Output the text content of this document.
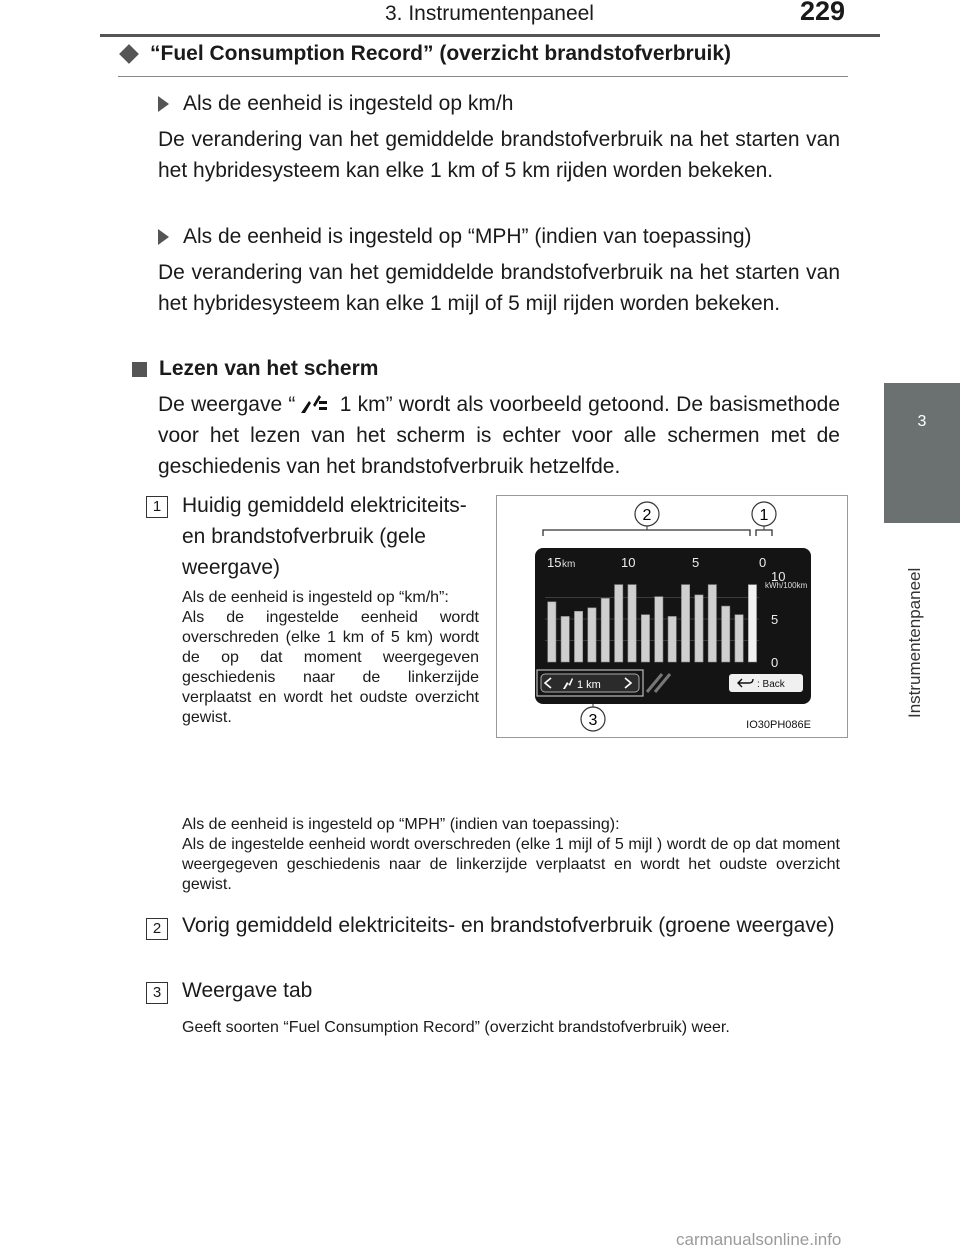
3. Instrumentenpaneel	229
3
Instrumentenpaneel
“Fuel Consumption Record” (overzicht brandstofverbruik)
Als de eenheid is ingesteld op km/h
De verandering van het gemiddelde brandstofverbruik na het starten van het hybridesysteem kan elke 1 km of 5 km rijden worden bekeken.
Als de eenheid is ingesteld op “MPH” (indien van toepassing)
De verandering van het gemiddelde brandstofverbruik na het starten van het hybridesysteem kan elke 1 mijl of 5 mijl rijden worden bekeken.
Lezen van het scherm
De weergave “ 1 km” wordt als voorbeeld getoond. De basismethode voor het lezen van het scherm is echter voor alle schermen met de geschiedenis van het brandstofverbruik hetzelfde.
1 Huidig gemiddeld elektriciteits- en brandstofverbruik (gele weergave)
Als de eenheid is ingesteld op “km/h”:
Als de ingestelde eenheid wordt overschreden (elke 1 km of 5 km) wordt de op dat moment weergegeven geschiedenis naar de linkerzijde verplaatst en wordt het oudste overzicht gewist.
Als de eenheid is ingesteld op “MPH” (indien van toepassing):
Als de ingestelde eenheid wordt overschreden (elke 1 mijl of 5 mijl ) wordt de op dat moment weergegeven geschiedenis naar de linkerzijde verplaatst en wordt het oudste overzicht gewist.
2 Vorig gemiddeld elektriciteits- en brandstofverbruik (groene weergave)
3 Weergave tab
Geeft soorten “Fuel Consumption Record” (overzicht brandstofverbruik) weer.
2	1
3
15	10	5	0
km
10
5
0
kWh/100km
1 km	: Back
IO30PH086E
carmanualsonline.info
